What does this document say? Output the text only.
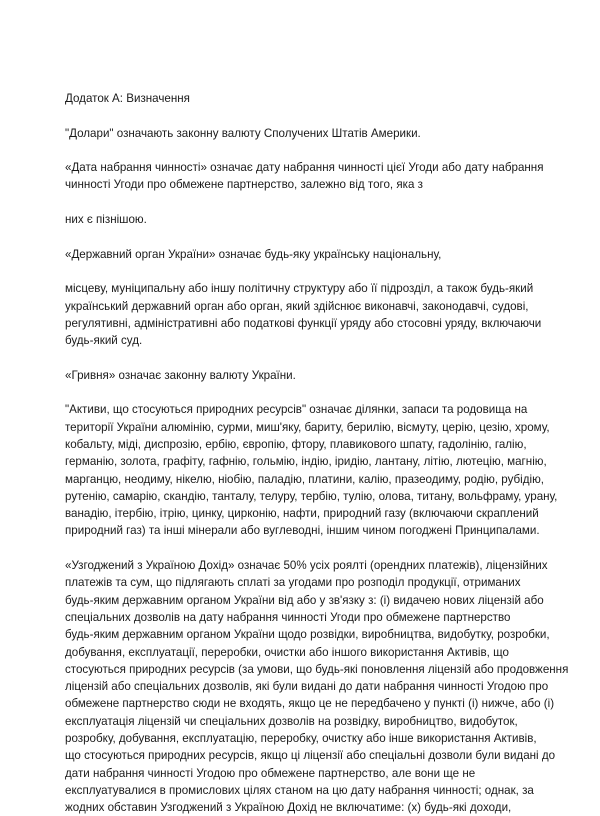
Додаток А: Визначення
"Долари" означають законну валюту Сполучених Штатів Америки.
«Дата набрання чинності» означає дату набрання чинності цієї Угоди або дату набрання
чинності Угоди про обмежене партнерство, залежно від того, яка з
них є пізнішою.
«Державний орган України» означає будь-яку українську національну,
місцеву, муніципальну або іншу політичну структуру або її підрозділ, а також будь-який
український державний орган або орган, який здійснює виконавчі, законодавчі, судові,
регулятивні, адміністративні або податкові функції уряду або стосовні уряду, включаючи
будь-який суд.
«Гривня» означає законну валюту України.
"Активи, що стосуються природних ресурсів" означає ділянки, запаси та родовища на
території України алюмінію, сурми, миш'яку, бариту, берилію, вісмуту, церію, цезію, хрому,
кобальту, міді, диспрозію, ербію, європію, фтору, плавикового шпату, гадолінію, галію,
германію, золота, графіту, гафнію, гольмію, індію, іридію, лантану, літію, лютецію, магнію,
марганцю, неодиму, нікелю, ніобію, паладію, платини, калію, празеодиму, родію, рубідію,
рутенію, самарію, скандію, танталу, телуру, тербію, тулію, олова, титану, вольфраму, урану,
ванадію, ітербію, ітрію, цинку, цирконію, нафти, природний газу (включаючи скраплений
природний газ) та інші мінерали або вуглеводні, іншим чином погоджені Принципалами.
«Узгоджений з Україною Дохід» означає 50% усіх роялті (орендних платежів), ліцензійних
платежів та сум, що підлягають сплаті за угодами про розподіл продукції, отриманих
будь-яким державним органом України від або у зв'язку з: (i) видачею нових ліцензій або
спеціальних дозволів на дату набрання чинності Угоди про обмежене партнерство
будь-яким державним органом України щодо розвідки, виробництва, видобутку, розробки,
добування, експлуатації, переробки, очистки або іншого використання Активів, що
стосуються природних ресурсів (за умови, що будь-які поновлення ліцензій або продовження
ліцензій або спеціальних дозволів, які були видані до дати набрання чинності Угодою про
обмежене партнерство сюди не входять, якщо це не передбачено у пункті (i) нижче, або (i)
експлуатація ліцензій чи спеціальних дозволів на розвідку, виробництво, видобуток,
розробку, добування, експлуатацію, переробку, очистку або інше використання Активів,
що стосуються природних ресурсів, якщо ці ліцензії або спеціальні дозволи були видані до
дати набрання чинності Угодою про обмежене партнерство, але вони ще не
експлуатувалися в промислових цілях станом на цю дату набрання чинності; однак, за
жодних обставин Узгоджений з Україною Дохід не включатиме: (x) будь-які доходи,
